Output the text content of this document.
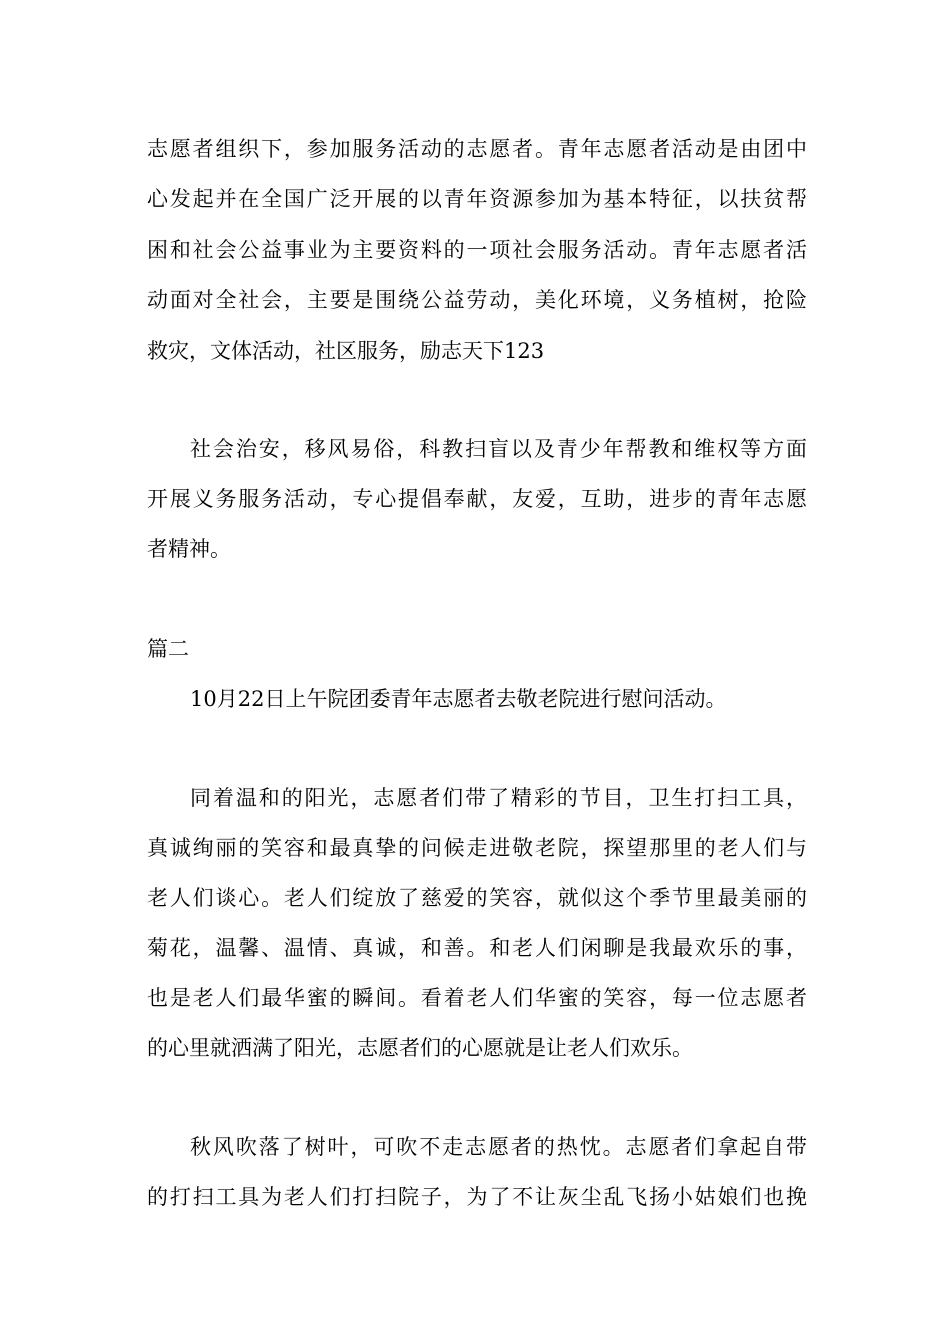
志愿者组织下，参加服务活动的志愿者。青年志愿者活动是由团中
心发起并在全国广泛开展的以青年资源参加为基本特征，以扶贫帮
困和社会公益事业为主要资料的一项社会服务活动。青年志愿者活
动面对全社会，主要是围绕公益劳动，美化环境，义务植树，抢险
救灾，文体活动，社区服务，励志天下123
社会治安，移风易俗，科教扫盲以及青少年帮教和维权等方面
开展义务服务活动，专心提倡奉献，友爱，互助，进步的青年志愿
者精神。
篇二
10月22日上午院团委青年志愿者去敬老院进行慰问活动。
同着温和的阳光，志愿者们带了精彩的节目，卫生打扫工具，
真诚绚丽的笑容和最真挚的问候走进敬老院，探望那里的老人们与
老人们谈心。老人们绽放了慈爱的笑容，就似这个季节里最美丽的
菊花，温馨、温情、真诚，和善。和老人们闲聊是我最欢乐的事，
也是老人们最华蜜的瞬间。看着老人们华蜜的笑容，每一位志愿者
的心里就洒满了阳光，志愿者们的心愿就是让老人们欢乐。
秋风吹落了树叶，可吹不走志愿者的热忱。志愿者们拿起自带
的打扫工具为老人们打扫院子，为了不让灰尘乱飞扬小姑娘们也挽
